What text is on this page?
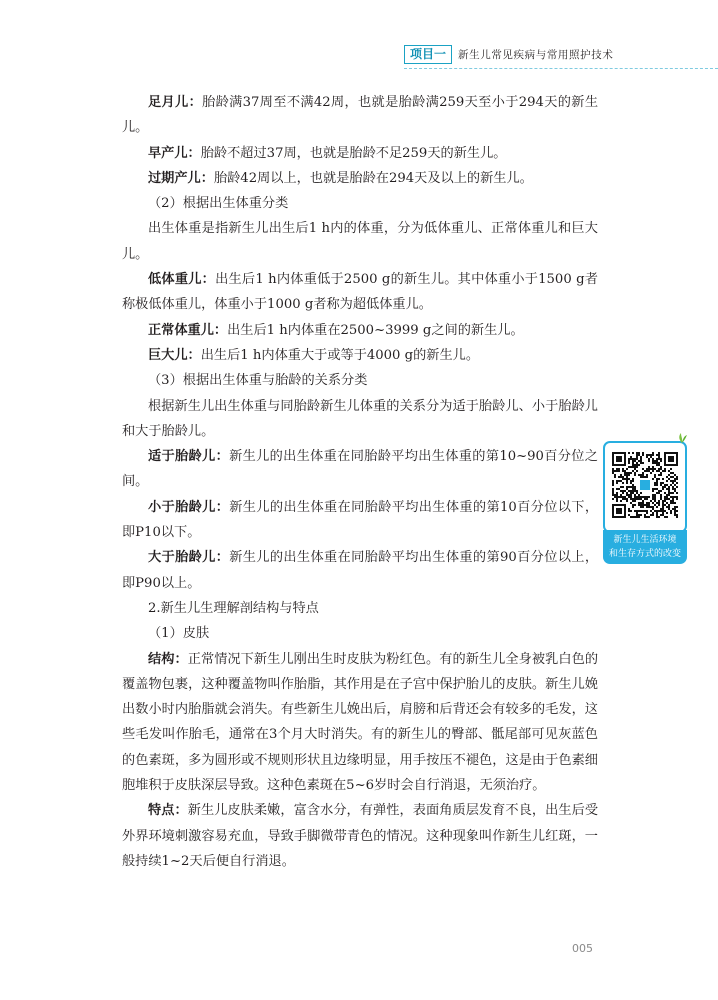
项目一	新生儿常见疾病与常用照护技术

足月儿：胎龄满37周至不满42周，也就是胎龄满259天至小于294天的新生儿。

早产儿：胎龄不超过37周，也就是胎龄不足259天的新生儿。

过期产儿：胎龄42周以上，也就是胎龄在294天及以上的新生儿。

（2）根据出生体重分类

出生体重是指新生儿出生后1 h内的体重，分为低体重儿、正常体重儿和巨大儿。

低体重儿：出生后1 h内体重低于2500 g的新生儿。其中体重小于1500 g者称极低体重儿，体重小于1000 g者称为超低体重儿。

正常体重儿：出生后1 h内体重在2500~3999 g之间的新生儿。

巨大儿：出生后1 h内体重大于或等于4000 g的新生儿。

（3）根据出生体重与胎龄的关系分类

根据新生儿出生体重与同胎龄新生儿体重的关系分为适于胎龄儿、小于胎龄儿和大于胎龄儿。

适于胎龄儿：新生儿的出生体重在同胎龄平均出生体重的第10~90百分位之间。

小于胎龄儿：新生儿的出生体重在同胎龄平均出生体重的第10百分位以下，即P10以下。

大于胎龄儿：新生儿的出生体重在同胎龄平均出生体重的第90百分位以上，即P90以上。

2.新生儿生理解剖结构与特点

（1）皮肤

结构：正常情况下新生儿刚出生时皮肤为粉红色。有的新生儿全身被乳白色的覆盖物包裹，这种覆盖物叫作胎脂，其作用是在子宫中保护胎儿的皮肤。新生儿娩出数小时内胎脂就会消失。有些新生儿娩出后，肩膀和后背还会有较多的毛发，这些毛发叫作胎毛，通常在3个月大时消失。有的新生儿的臀部、骶尾部可见灰蓝色的色素斑，多为圆形或不规则形状且边缘明显，用手按压不褪色，这是由于色素细胞堆积于皮肤深层导致。这种色素斑在5~6岁时会自行消退，无须治疗。

特点：新生儿皮肤柔嫩，富含水分，有弹性，表面角质层发育不良，出生后受外界环境刺激容易充血，导致手脚微带青色的情况。这种现象叫作新生儿红斑，一般持续1~2天后便自行消退。

新生儿生活环境
和生存方式的改变
005
